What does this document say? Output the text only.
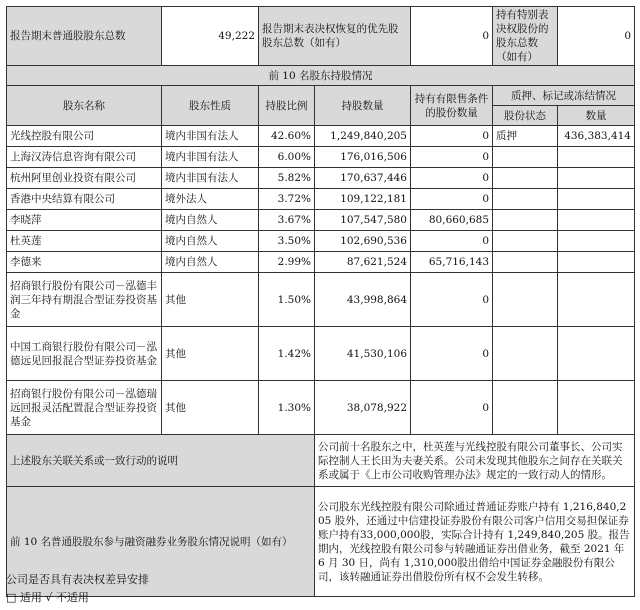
报告期末普通股股东总数	49,222	报告期末表决权恢复的优先股股东总数（如有）		0	持有特别表决权股份的股东总数（如有）	0
前 10 名股东持股情况						
股东名称	股东性质	持股比例	持股数量	持有有限售条件的股份数量	质押、标记或冻结情况	
					股份状态	数量
光线控股有限公司	境内非国有法人	42.60%	1,249,840,205	0	质押	436,383,414
上海汉涛信息咨询有限公司	境内非国有法人	6.00%	176,016,506	0		
杭州阿里创业投资有限公司	境内非国有法人	5.82%	170,637,446	0		
香港中央结算有限公司	境外法人	3.72%	109,122,181	0		
李晓萍	境内自然人	3.67%	107,547,580	80,660,685		
杜英莲	境内自然人	3.50%	102,690,536	0		
李德来	境内自然人	2.99%	87,621,524	65,716,143		
招商银行股份有限公司－泓德丰润三年持有期混合型证券投资基金	其他	1.50%	43,998,864	0		
中国工商银行股份有限公司－泓德远见回报混合型证券投资基金	其他	1.42%	41,530,106	0		
招商银行股份有限公司－泓德瑞远回报灵活配置混合型证券投资基金	其他	1.30%	38,078,922	0		
上述股东关联关系或一致行动的说明			公司前十名股东之中，杜英莲与光线控股有限公司董事长、公司实际控制人王长田为夫妻关系。公司未发现其他股东之间存在关联关系或属于《上市公司收购管理办法》规定的一致行动人的情形。			
前 10 名普通股股东参与融资融券业务股东情况说明（如有）			公司股东光线控股有限公司除通过普通证券账户持有 1,216,840,205 股外，还通过中信建投证券股份有限公司客户信用交易担保证券账户持有33,000,000股，实际合计持有 1,249,840,205 股。报告期内，光线控股有限公司参与转融通证券出借业务，截至 2021 年 6 月 30 日，尚有 1,310,000股出借给中国证券金融股份有限公司，该转融通证券出借股份所有权不会发生转移。			
公司是否具有表决权差异安排
□ 适用 √ 不适用
